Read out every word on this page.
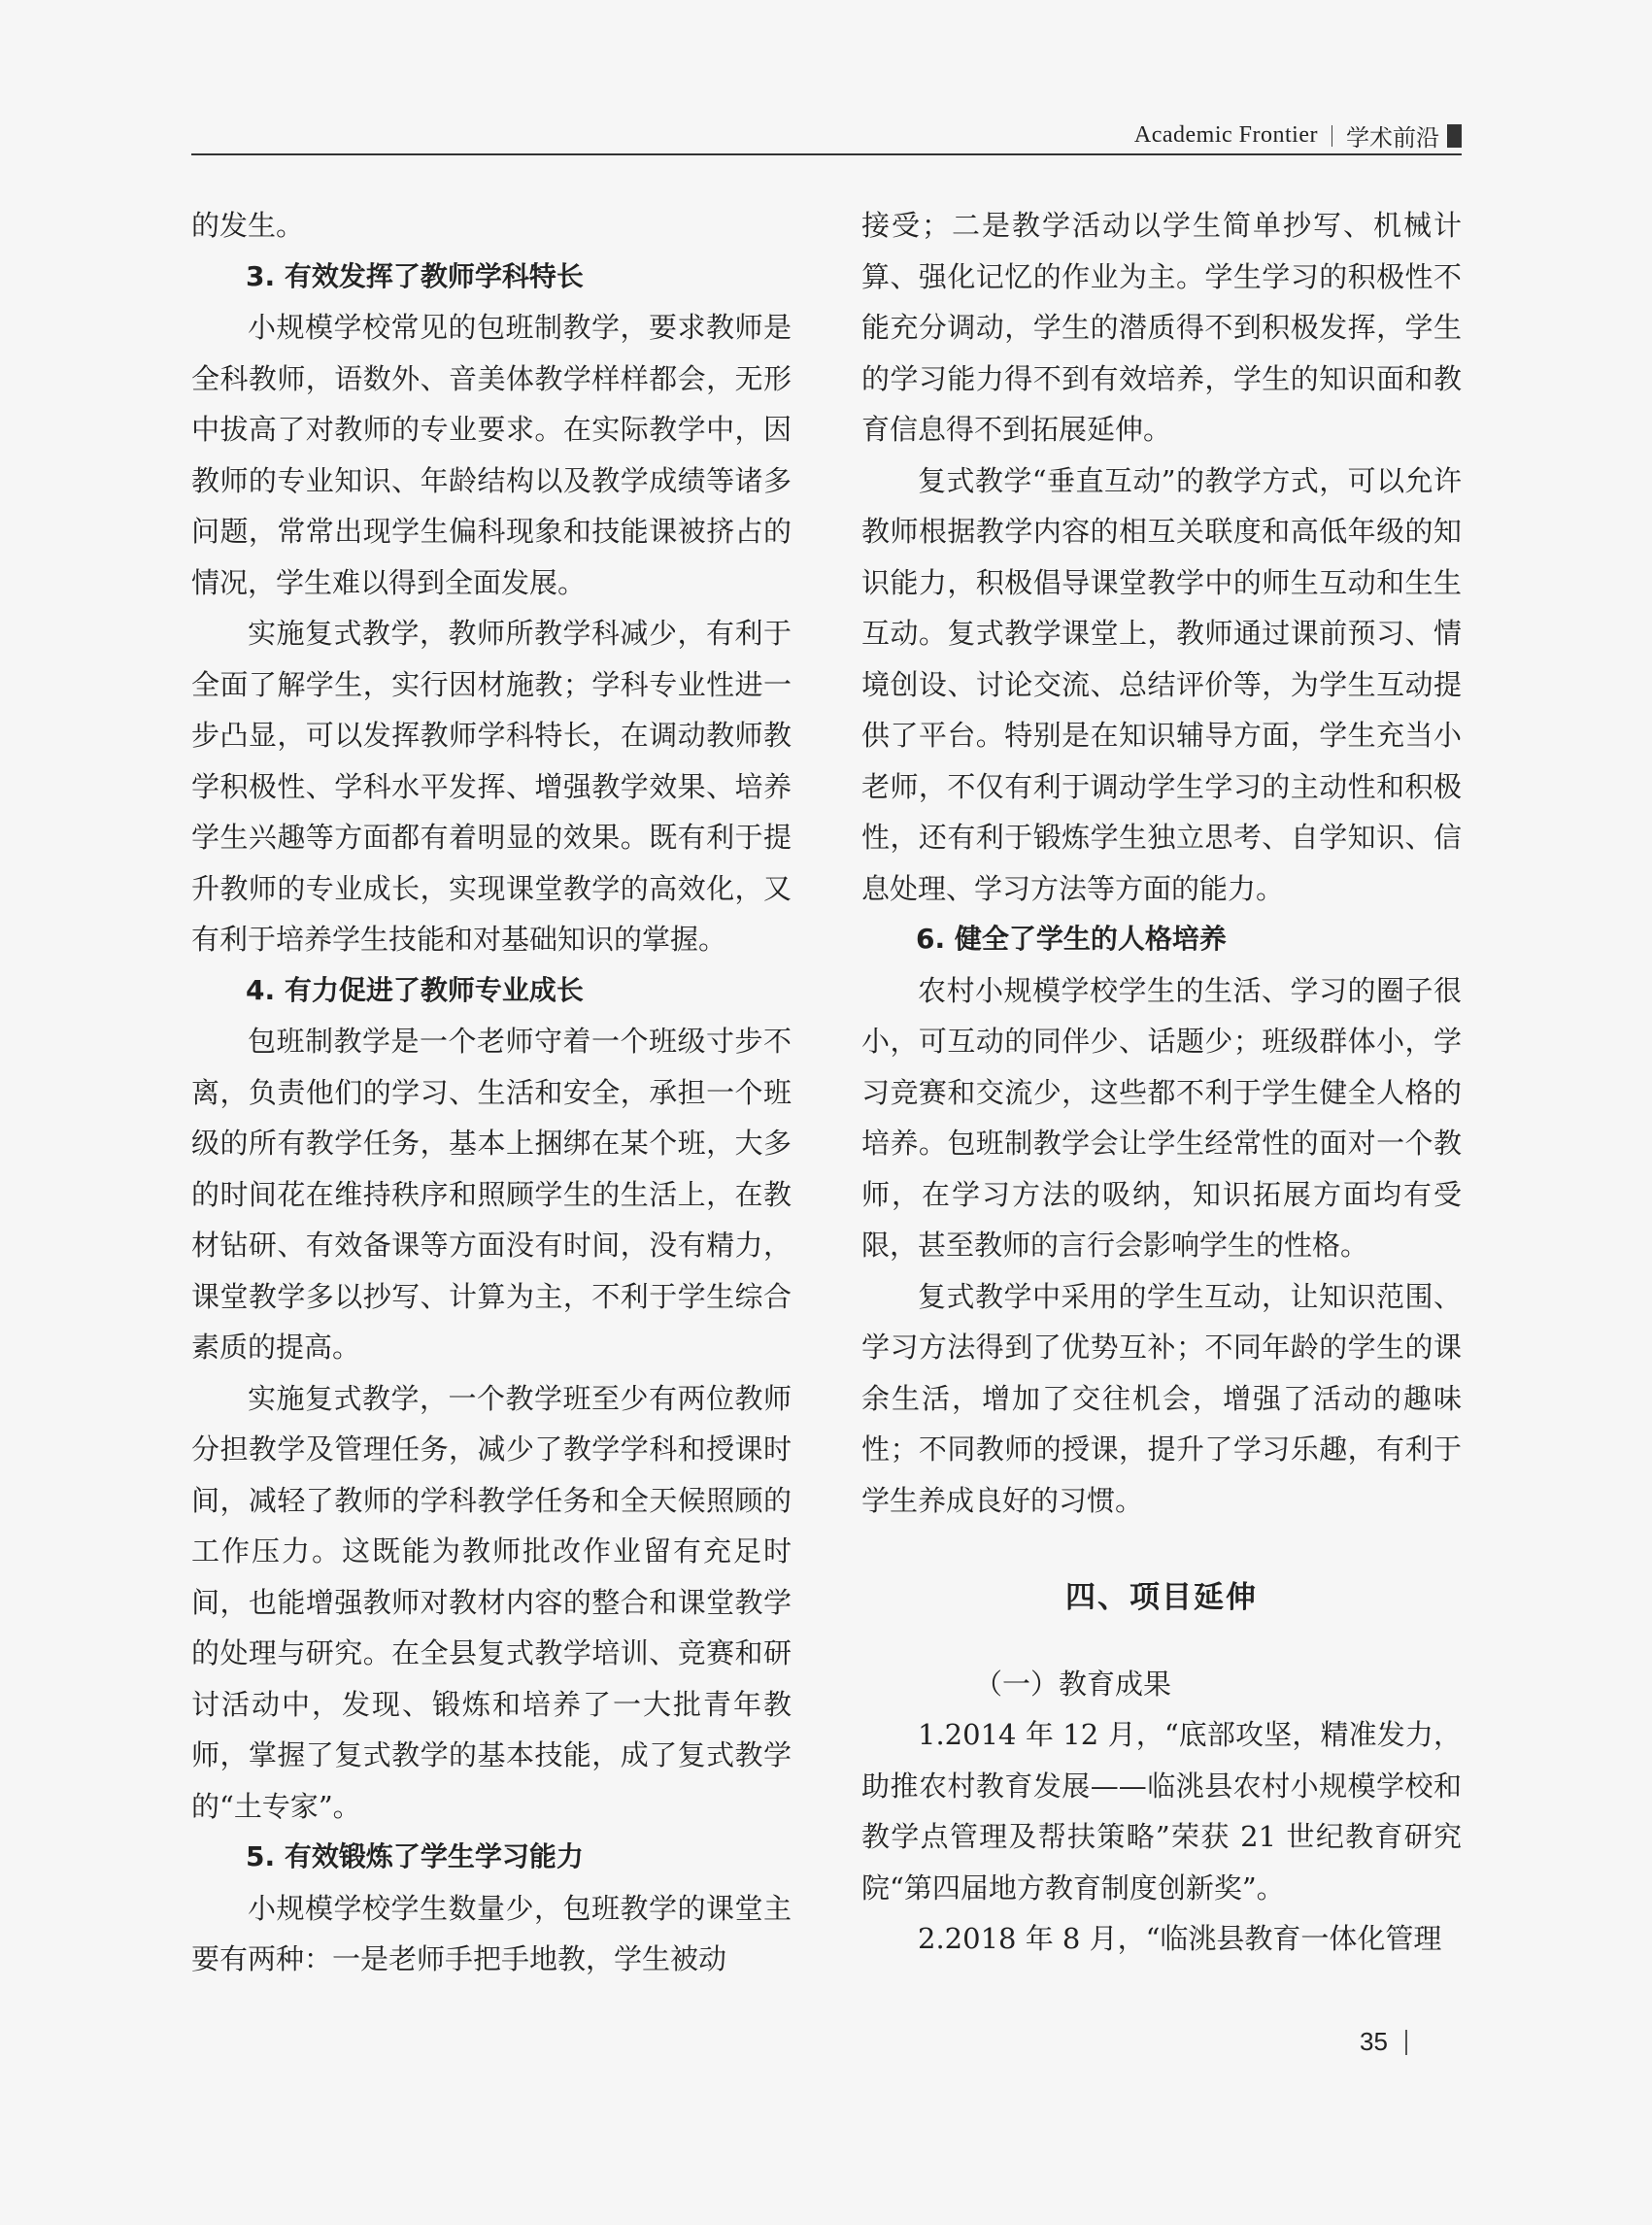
Academic Frontier 学术前沿

的发生。

3. 有效发挥了教师学科特长

小规模学校常见的包班制教学，要求教师是全科教师，语数外、音美体教学样样都会，无形中拔高了对教师的专业要求。在实际教学中，因教师的专业知识、年龄结构以及教学成绩等诸多问题，常常出现学生偏科现象和技能课被挤占的情况，学生难以得到全面发展。

实施复式教学，教师所教学科减少，有利于全面了解学生，实行因材施教；学科专业性进一步凸显，可以发挥教师学科特长，在调动教师教学积极性、学科水平发挥、增强教学效果、培养学生兴趣等方面都有着明显的效果。既有利于提升教师的专业成长，实现课堂教学的高效化，又有利于培养学生技能和对基础知识的掌握。

4. 有力促进了教师专业成长

包班制教学是一个老师守着一个班级寸步不离，负责他们的学习、生活和安全，承担一个班级的所有教学任务，基本上捆绑在某个班，大多的时间花在维持秩序和照顾学生的生活上，在教材钻研、有效备课等方面没有时间，没有精力，课堂教学多以抄写、计算为主，不利于学生综合素质的提高。

实施复式教学，一个教学班至少有两位教师分担教学及管理任务，减少了教学学科和授课时间，减轻了教师的学科教学任务和全天候照顾的工作压力。这既能为教师批改作业留有充足时间，也能增强教师对教材内容的整合和课堂教学的处理与研究。在全县复式教学培训、竞赛和研讨活动中，发现、锻炼和培养了一大批青年教师，掌握了复式教学的基本技能，成了复式教学的“土专家”。

5. 有效锻炼了学生学习能力

小规模学校学生数量少，包班教学的课堂主要有两种：一是老师手把手地教，学生被动

接受；二是教学活动以学生简单抄写、机械计算、强化记忆的作业为主。学生学习的积极性不能充分调动，学生的潜质得不到积极发挥，学生的学习能力得不到有效培养，学生的知识面和教育信息得不到拓展延伸。

复式教学“垂直互动”的教学方式，可以允许教师根据教学内容的相互关联度和高低年级的知识能力，积极倡导课堂教学中的师生互动和生生互动。复式教学课堂上，教师通过课前预习、情境创设、讨论交流、总结评价等，为学生互动提供了平台。特别是在知识辅导方面，学生充当小老师，不仅有利于调动学生学习的主动性和积极性，还有利于锻炼学生独立思考、自学知识、信息处理、学习方法等方面的能力。

6. 健全了学生的人格培养

农村小规模学校学生的生活、学习的圈子很小，可互动的同伴少、话题少；班级群体小，学习竞赛和交流少，这些都不利于学生健全人格的培养。包班制教学会让学生经常性的面对一个教师，在学习方法的吸纳，知识拓展方面均有受限，甚至教师的言行会影响学生的性格。

复式教学中采用的学生互动，让知识范围、学习方法得到了优势互补；不同年龄的学生的课余生活，增加了交往机会，增强了活动的趣味性；不同教师的授课，提升了学习乐趣，有利于学生养成良好的习惯。

四、项目延伸

（一）教育成果

1.2014 年 12 月，“底部攻坚，精准发力，助推农村教育发展——临洮县农村小规模学校和教学点管理及帮扶策略”荣获 21 世纪教育研究院“第四届地方教育制度创新奖”。

2.2018 年 8 月，“临洮县教育一体化管理

35
